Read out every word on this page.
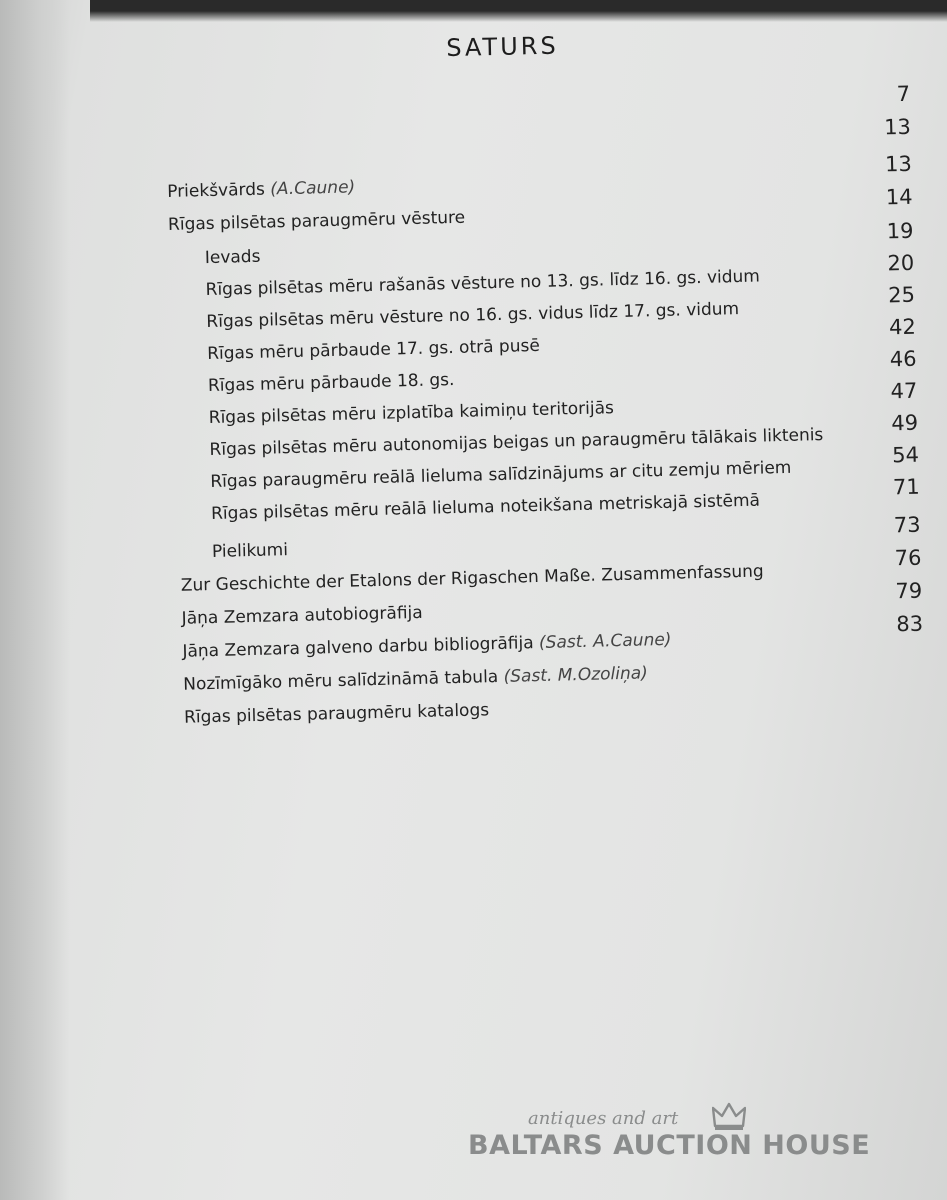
SATURS
7
13
Priekšvārds (A.Caune)
13
Rīgas pilsētas paraugmēru vēsture
14
Ievads
19
Rīgas pilsētas mēru rašanās vēsture no 13. gs. līdz 16. gs. vidum
20
Rīgas pilsētas mēru vēsture no 16. gs. vidus līdz 17. gs. vidum
25
Rīgas mēru pārbaude 17. gs. otrā pusē
42
Rīgas mēru pārbaude 18. gs.
46
Rīgas pilsētas mēru izplatība kaimiņu teritorijās
47
Rīgas pilsētas mēru autonomijas beigas un paraugmēru tālākais liktenis
49
Rīgas paraugmēru reālā lieluma salīdzinājums ar citu zemju mēriem
54
Rīgas pilsētas mēru reālā lieluma noteikšana metriskajā sistēmā
71
Pielikumi
73
Zur Geschichte der Etalons der Rigaschen Maße. Zusammenfassung
76
Jāņa Zemzara autobiogrāfija
79
Jāņa Zemzara galveno darbu bibliogrāfija (Sast. A.Caune)
83
Nozīmīgāko mēru salīdzināmā tabula (Sast. M.Ozoliņa)
Rīgas pilsētas paraugmēru katalogs
antiques and art
BALTARS AUCTION HOUSE
